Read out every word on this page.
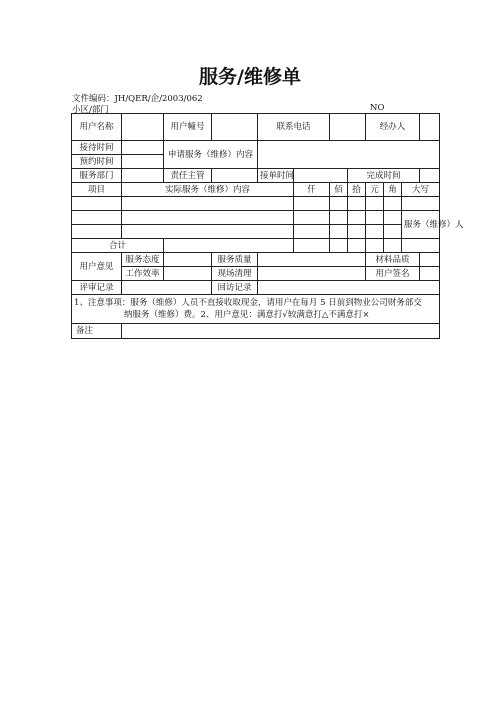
服务/维修单
文件编码：JH/QER/企/2003/062
小区/部门	NO
用户名称		用户幢号		联系电话				经办人			
接待时间		申请服务（维修）内容									
预约时间											
服务部门		责任主管		接单时间			完成时间				
项目	实际服务（维修）内容				仟	佰	拾	元	角	大写	

										服务（维修）人	

合计											
用户意见	服务态度		服务质量					材料品质			
	工作效率		现场清理					用户签名			
评审记录			回访记录								

1、注意事项：服务（维修）人员不直接收取现金，请用户在每月 5 日前到物业公司财务部交
纳服务（维修）费。2、用户意见：满意打√较满意打△不满意打×											

备注											
